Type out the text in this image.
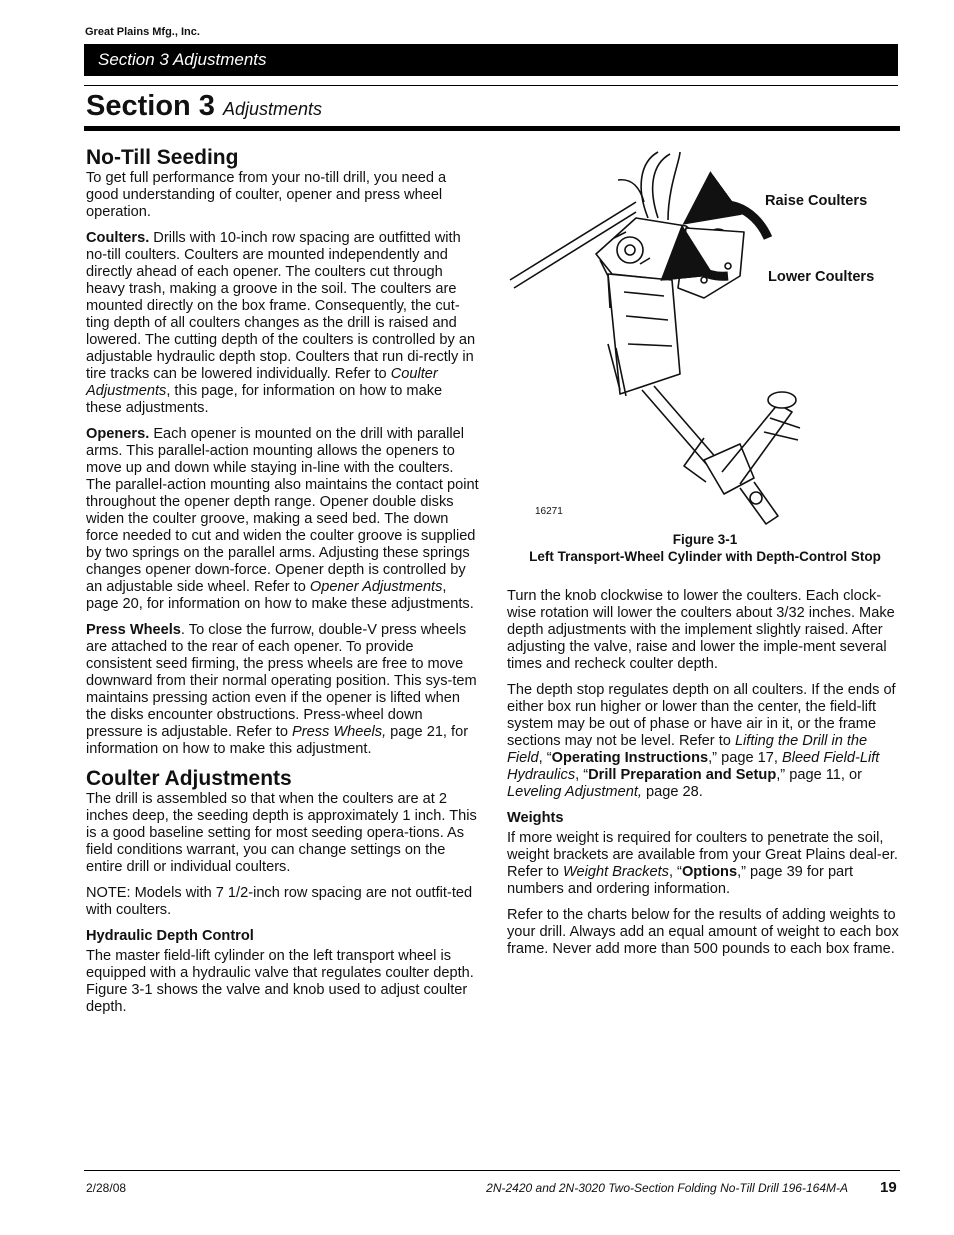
Great Plains Mfg., Inc.
Section 3 Adjustments
Section 3 Adjustments
No-Till Seeding

To get full performance from your no-till drill, you need a good understanding of coulter, opener and press wheel operation.

Coulters. Drills with 10-inch row spacing are outfitted with no-till coulters. Coulters are mounted independently and directly ahead of each opener. The coulters cut through heavy trash, making a groove in the soil. The coulters are mounted directly on the box frame. Consequently, the cut-ting depth of all coulters changes as the drill is raised and lowered. The cutting depth of the coulters is controlled by an adjustable hydraulic depth stop. Coulters that run di-rectly in tire tracks can be lowered individually. Refer to Coulter Adjustments, this page, for information on how to make these adjustments.

Openers. Each opener is mounted on the drill with parallel arms. This parallel-action mounting allows the openers to move up and down while staying in-line with the coulters. The parallel-action mounting also maintains the contact point throughout the opener depth range. Opener double disks widen the coulter groove, making a seed bed. The down force needed to cut and widen the coulter groove is supplied by two springs on the parallel arms. Adjusting these springs changes opener down-force. Opener depth is controlled by an adjustable side wheel. Refer to Opener Adjustments, page 20, for information on how to make these adjustments.

Press Wheels. To close the furrow, double-V press wheels are attached to the rear of each opener. To provide consistent seed firming, the press wheels are free to move downward from their normal operating position. This sys-tem maintains pressing action even if the opener is lifted when the disks encounter obstructions. Press-wheel down pressure is adjustable. Refer to Press Wheels, page 21, for information on how to make this adjustment.

Coulter Adjustments

The drill is assembled so that when the coulters are at 2 inches deep, the seeding depth is approximately 1 inch. This is a good baseline setting for most seeding opera-tions. As field conditions warrant, you can change settings on the entire drill or individual coulters.

NOTE: Models with 7 1/2-inch row spacing are not outfit-ted with coulters.

Hydraulic Depth Control

The master field-lift cylinder on the left transport wheel is equipped with a hydraulic valve that regulates coulter depth. Figure 3-1 shows the valve and knob used to adjust coulter depth.

Raise Coulters
Lower Coulters
16271
Figure 3-1
Left Transport-Wheel Cylinder with Depth-Control Stop

Turn the knob clockwise to lower the coulters. Each clock-wise rotation will lower the coulters about 3/32 inches. Make depth adjustments with the implement slightly raised. After adjusting the valve, raise and lower the imple-ment several times and recheck coulter depth.

The depth stop regulates depth on all coulters. If the ends of either box run higher or lower than the center, the field-lift system may be out of phase or have air in it, or the frame sections may not be level. Refer to Lifting the Drill in the Field, “Operating Instructions,” page 17, Bleed Field-Lift Hydraulics, “Drill Preparation and Setup,” page 11, or Leveling Adjustment, page 28.

Weights

If more weight is required for coulters to penetrate the soil, weight brackets are available from your Great Plains deal-er. Refer to Weight Brackets, “Options,” page 39 for part numbers and ordering information.

Refer to the charts below for the results of adding weights to your drill. Always add an equal amount of weight to each box frame. Never add more than 500 pounds to each box frame.

2/28/08	2N-2420 and 2N-3020 Two-Section Folding No-Till Drill 196-164M-A 19
